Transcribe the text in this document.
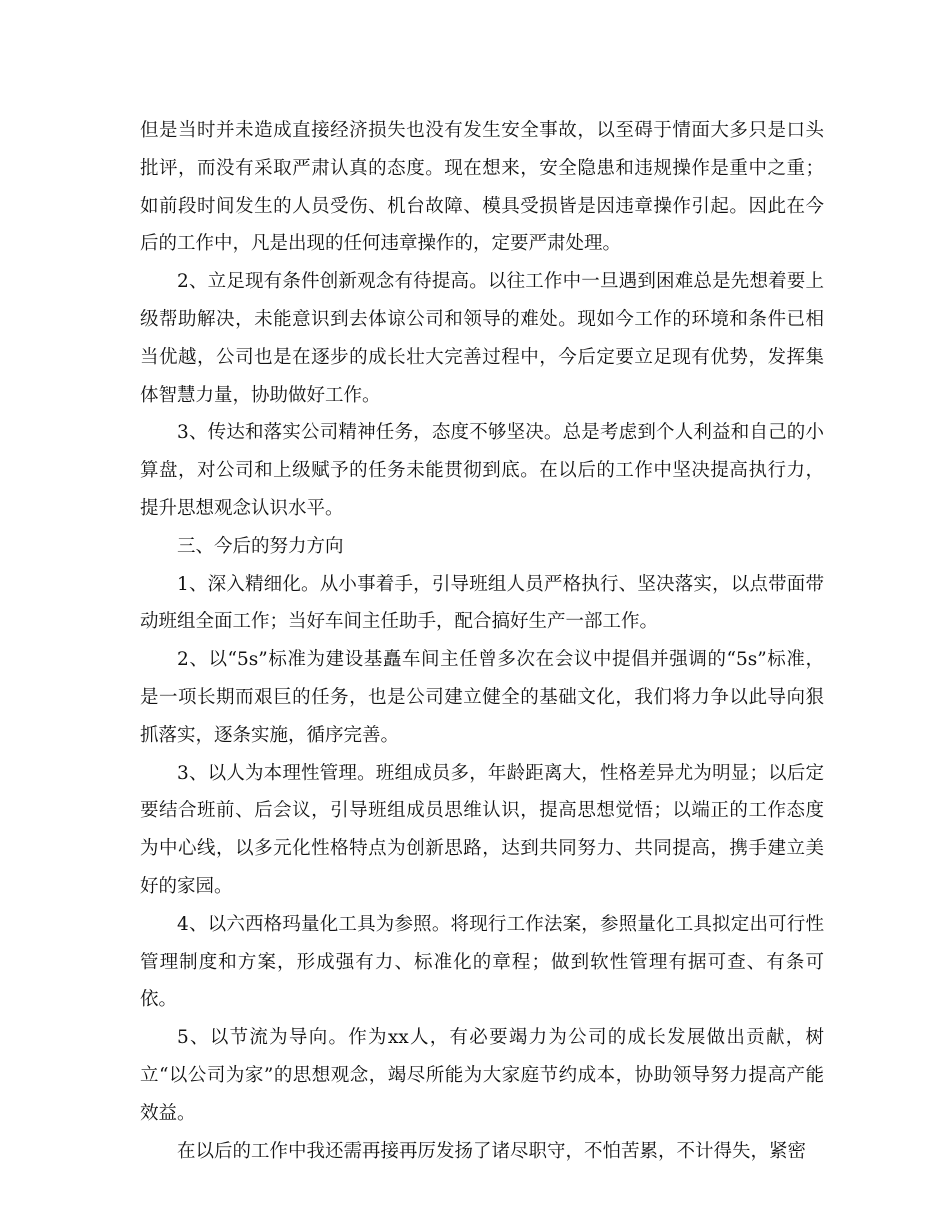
但是当时并未造成直接经济损失也没有发生安全事故，以至碍于情面大多只是口头批评，而没有采取严肃认真的态度。现在想来，安全隐患和违规操作是重中之重；如前段时间发生的人员受伤、机台故障、模具受损皆是因违章操作引起。因此在今后的工作中，凡是出现的任何违章操作的，定要严肃处理。

2、立足现有条件创新观念有待提高。以往工作中一旦遇到困难总是先想着要上级帮助解决，未能意识到去体谅公司和领导的难处。现如今工作的环境和条件已相当优越，公司也是在逐步的成长壮大完善过程中，今后定要立足现有优势，发挥集体智慧力量，协助做好工作。

3、传达和落实公司精神任务，态度不够坚决。总是考虑到个人利益和自己的小算盘，对公司和上级赋予的任务未能贯彻到底。在以后的工作中坚决提高执行力，提升思想观念认识水平。

三、今后的努力方向

1、深入精细化。从小事着手，引导班组人员严格执行、坚决落实，以点带面带动班组全面工作；当好车间主任助手，配合搞好生产一部工作。

2、以“5s”标准为建设基矗车间主任曾多次在会议中提倡并强调的“5s”标准，是一项长期而艰巨的任务，也是公司建立健全的基础文化，我们将力争以此导向狠抓落实，逐条实施，循序完善。

3、以人为本理性管理。班组成员多，年龄距离大，性格差异尤为明显；以后定要结合班前、后会议，引导班组成员思维认识，提高思想觉悟；以端正的工作态度为中心线，以多元化性格特点为创新思路，达到共同努力、共同提高，携手建立美好的家园。

4、以六西格玛量化工具为参照。将现行工作法案，参照量化工具拟定出可行性管理制度和方案，形成强有力、标准化的章程；做到软性管理有据可查、有条可依。

5、以节流为导向。作为xx人，有必要竭力为公司的成长发展做出贡献，树立“以公司为家”的思想观念，竭尽所能为大家庭节约成本，协助领导努力提高产能效益。

在以后的工作中我还需再接再厉发扬了诸尽职守，不怕苦累，不计得失，紧密
